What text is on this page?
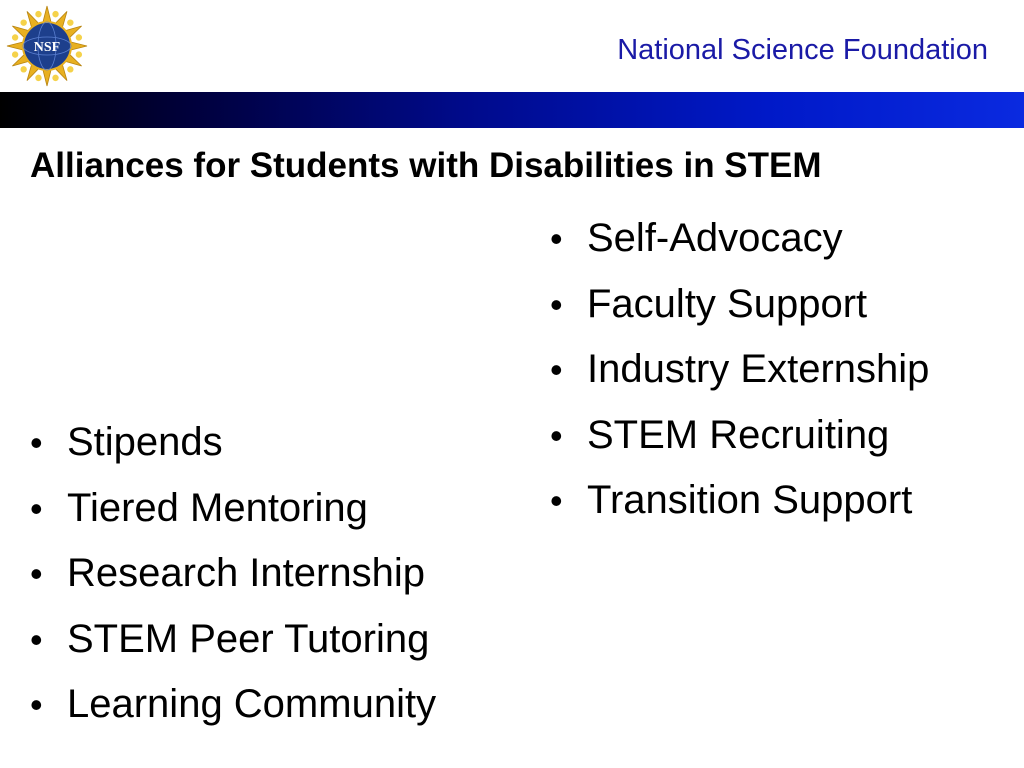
NSF	National Science Foundation
Alliances for Students with Disabilities in STEM
• Stipends
• Tiered Mentoring
• Research Internship
• STEM Peer Tutoring
• Learning Community
• Self-Advocacy
• Faculty Support
• Industry Externship
• STEM Recruiting
• Transition Support
